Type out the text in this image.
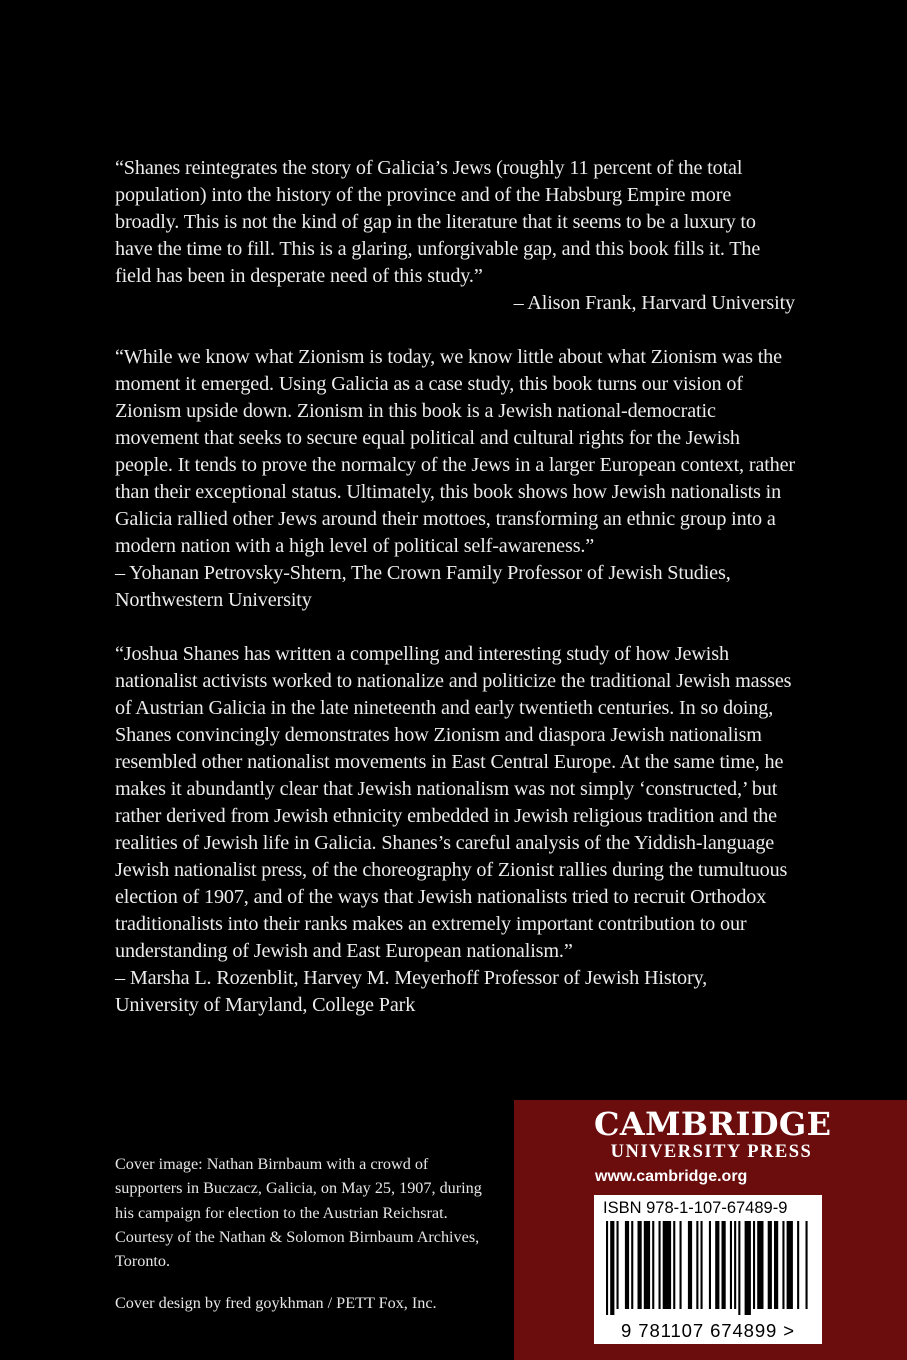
“Shanes reintegrates the story of Galicia’s Jews (roughly 11 percent of the total population) into the history of the province and of the Habsburg Empire more broadly. This is not the kind of gap in the literature that it seems to be a luxury to have the time to fill. This is a glaring, unforgivable gap, and this book fills it. The field has been in desperate need of this study.”

– Alison Frank, Harvard University

“While we know what Zionism is today, we know little about what Zionism was the moment it emerged. Using Galicia as a case study, this book turns our vision of Zionism upside down. Zionism in this book is a Jewish national-democratic movement that seeks to secure equal political and cultural rights for the Jewish people. It tends to prove the normalcy of the Jews in a larger European context, rather than their exceptional status. Ultimately, this book shows how Jewish nationalists in Galicia rallied other Jews around their mottoes, transforming an ethnic group into a modern nation with a high level of political self-awareness.”

– Yohanan Petrovsky-Shtern, The Crown Family Professor of Jewish Studies, Northwestern University

“Joshua Shanes has written a compelling and interesting study of how Jewish nationalist activists worked to nationalize and politicize the traditional Jewish masses of Austrian Galicia in the late nineteenth and early twentieth centuries. In so doing, Shanes convincingly demonstrates how Zionism and diaspora Jewish nationalism resembled other nationalist movements in East Central Europe. At the same time, he makes it abundantly clear that Jewish nationalism was not simply ‘constructed,’ but rather derived from Jewish ethnicity embedded in Jewish religious tradition and the realities of Jewish life in Galicia. Shanes’s careful analysis of the Yiddish-language Jewish nationalist press, of the choreography of Zionist rallies during the tumultuous election of 1907, and of the ways that Jewish nationalists tried to recruit Orthodox traditionalists into their ranks makes an extremely important contribution to our understanding of Jewish and East European nationalism.”

– Marsha L. Rozenblit, Harvey M. Meyerhoff Professor of Jewish History, University of Maryland, College Park

Cover image: Nathan Birnbaum with a crowd of supporters in Buczacz, Galicia, on May 25, 1907, during his campaign for election to the Austrian Reichsrat. Courtesy of the Nathan & Solomon Birnbaum Archives, Toronto.

Cover design by fred goykhman / PETT Fox, Inc.

CAMBRIDGE
UNIVERSITY PRESS
www.cambridge.org
ISBN 978-1-107-67489-9
9 781107 674899 >
